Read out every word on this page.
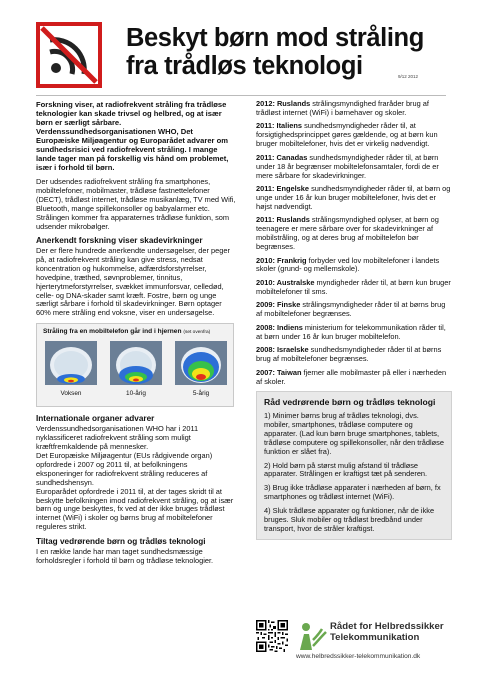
Beskyt børn mod stråling
fra trådløs teknologi	9/12 2012

Forskning viser, at radiofrekvent stråling fra trådløse teknologier kan skade trivsel og helbred, og at især børn er særligt sårbare. Verdenssundhedsorganisationen WHO, Det Europæiske Miljøagentur og Europarådet advarer om sundhedsrisici ved radiofrekvent stråling. I mange lande tager man på forskellig vis hånd om problemet, især i forhold til børn.

Der udsendes radiofrekvent stråling fra smartphones, mobiltelefoner, mobilmaster, trådløse fastnettelefoner (DECT), trådløst internet, trådløse musikanlæg, TV med Wifi, Bluetooth, mange spillekonsoller og babyalarmer etc. Strålingen kommer fra apparaternes trådløse funktion, som udsender mikrobølger.

Anerkendt forskning viser skadevirkninger

Der er flere hundrede anerkendte undersøgelser, der peger på, at radiofrekvent stråling kan give stress, nedsat koncentration og hukommelse, adfærdsforstyrrelser, hovedpine, træthed, søvnproblemer, tinnitus, hjerterytmeforstyrrelser, svækket immunforsvar, celledød, celle- og DNA-skader samt kræft. Fostre, børn og unge særligt sårbare i forhold til skadevirkninger. Børn optager 60% mere stråling end voksne, viser en undersøgelse.

Stråling fra en mobiltelefon går ind i hjernen (set ovenfra)
Voksen	10-årig	5-årig
Internationale organer advarer

Verdenssundhedsorganisationen WHO har i 2011 nyklassificeret radiofrekvent stråling som muligt kræftfremkaldende på mennesker.

Det Europæiske Miljøagentur (EUs rådgivende organ) opfordrede i 2007 og 2011 til, at befolkningens eksponeringer for radiofrekvent stråling reduceres af sundhedshensyn.

Europarådet opfordrede i 2011 til, at der tages skridt til at beskytte befolkningen imod radiofrekvent stråling, og at især børn og unge beskyttes, fx ved at der ikke bruges trådløst internet (WiFi) i skoler og børns brug af mobiltelefoner reguleres strikt.

Tiltag vedrørende børn og trådløs teknologi

I en række lande har man taget sundhedsmæssige forholdsregler i forhold til børn og trådløse teknologier.

2012: Ruslands strålingsmyndighed fraråder brug af trådløst internet (WiFi) i børnehaver og skoler.

2011: Italiens sundhedsmyndigheder råder til, at forsigtighedsprincippet gøres gældende, og at børn kun bruger mobiltelefoner, hvis det er virkelig nødvendigt.

2011: Canadas sundhedsmyndigheder råder til, at børn under 18 år begrænser mobiltelefonsamtaler, fordi de er mere sårbare for skadevirkninger.

2011: Engelske sundhedsmyndigheder råder til, at børn og unge under 16 år kun bruger mobiltelefoner, hvis det er højst nødvendigt.

2011: Ruslands strålingsmyndighed oplyser, at børn og teenagere er mere sårbare over for skadevirkninger af mobilstråling, og at deres brug af mobiltelefon bør begrænses.

2010: Frankrig forbyder ved lov mobiltelefoner i landets skoler (grund- og mellemskole).

2010: Australske myndigheder råder til, at børn kun bruger mobiltelefoner til sms.

2009: Finske strålingsmyndigheder råder til at børns brug af mobiltelefoner begrænses.

2008: Indiens ministerium for telekommunikation råder til, at børn under 16 år kun bruger mobiltelefon.

2008: Israelske sundhedsmyndigheder råder til at børns brug af mobiltelefoner begrænses.

2007: Taiwan fjerner alle mobilmaster på eller i nærheden af skoler.

Råd vedrørende børn og trådløs teknologi

1) Minimer børns brug af trådløs teknologi, dvs. mobiler, smartphones, trådløse computere og apparater. (Lad kun børn bruge smartphones, tablets, trådløse computere og spillekonsoller, når den trådløse funktion er slået fra).

2) Hold børn på størst mulig afstand til trådløse apparater. Strålingen er kraftigst tæt på senderen.

3) Brug ikke trådløse apparater i nærheden af børn, fx smartphones og trådløst internet (WiFi).

4) Sluk trådløse apparater og funktioner, når de ikke bruges. Sluk mobiler og trådløst bredbånd under transport, hvor de stråler kraftigst.

Rådet for Helbredssikker
Telekommunikation
www.helbredssikker-telekommunikation.dk
